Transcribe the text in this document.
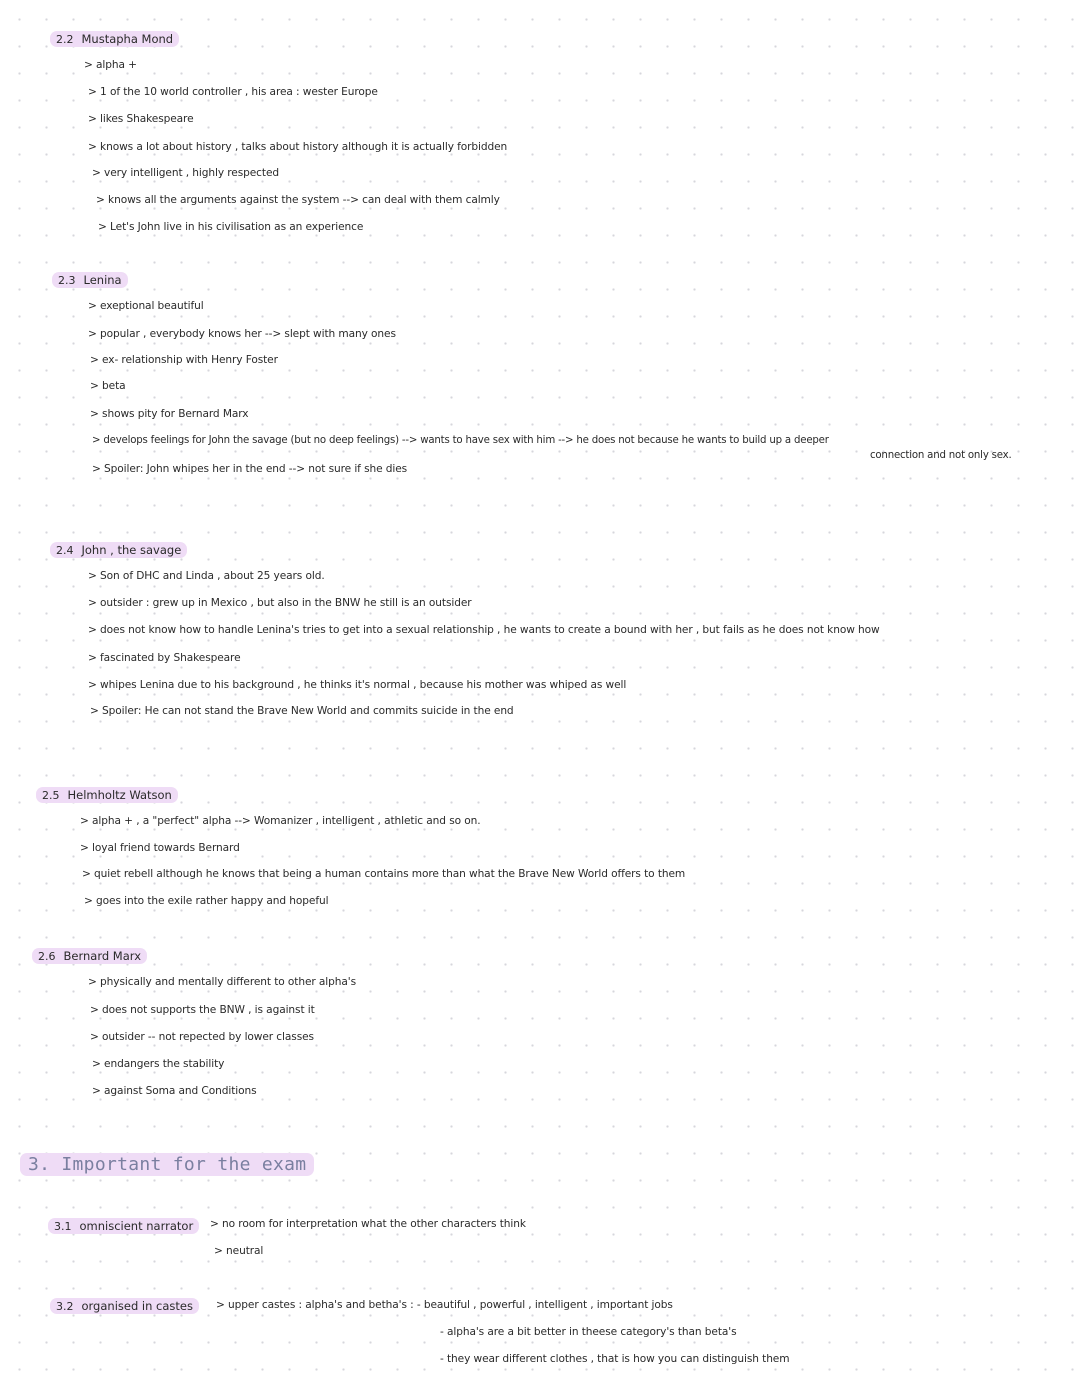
2.2 Mustapha Mond
> alpha +
> 1 of the 10 world controller , his area : wester Europe
> likes Shakespeare
> knows a lot about history , talks about history although it is actually forbidden
> very intelligent , highly respected
> knows all the arguments against the system --> can deal with them calmly
> Let's John live in his civilisation as an experience
2.3 Lenina
> exeptional beautiful
> popular , everybody knows her --> slept with many ones
> ex- relationship with Henry Foster
> beta
> shows pity for Bernard Marx
> develops feelings for John the savage (but no deep feelings) --> wants to have sex with him --> he does not because he wants to build up a deeper
connection and not only sex.
> Spoiler: John whipes her in the end --> not sure if she dies
2.4 John , the savage
> Son of DHC and Linda , about 25 years old.
> outsider : grew up in Mexico , but also in the BNW he still is an outsider
> does not know how to handle Lenina's tries to get into a sexual relationship , he wants to create a bound with her , but fails as he does not know how
> fascinated by Shakespeare
> whipes Lenina due to his background , he thinks it's normal , because his mother was whiped as well
> Spoiler: He can not stand the Brave New World and commits suicide in the end
2.5 Helmholtz Watson
> alpha + , a "perfect" alpha --> Womanizer , intelligent , athletic and so on.
> loyal friend towards Bernard
> quiet rebell although he knows that being a human contains more than what the Brave New World offers to them
> goes into the exile rather happy and hopeful
2.6 Bernard Marx
> physically and mentally different to other alpha's
> does not supports the BNW , is against it
> outsider -- not repected by lower classes
> endangers the stability
> against Soma and Conditions
3. Important for the exam
3.1 omniscient narrator	> no room for interpretation what the other characters think
> neutral
3.2 organised in castes	> upper castes : alpha's and betha's : - beautiful , powerful , intelligent , important jobs
- alpha's are a bit better in theese category's than beta's
- they wear different clothes , that is how you can distinguish them
